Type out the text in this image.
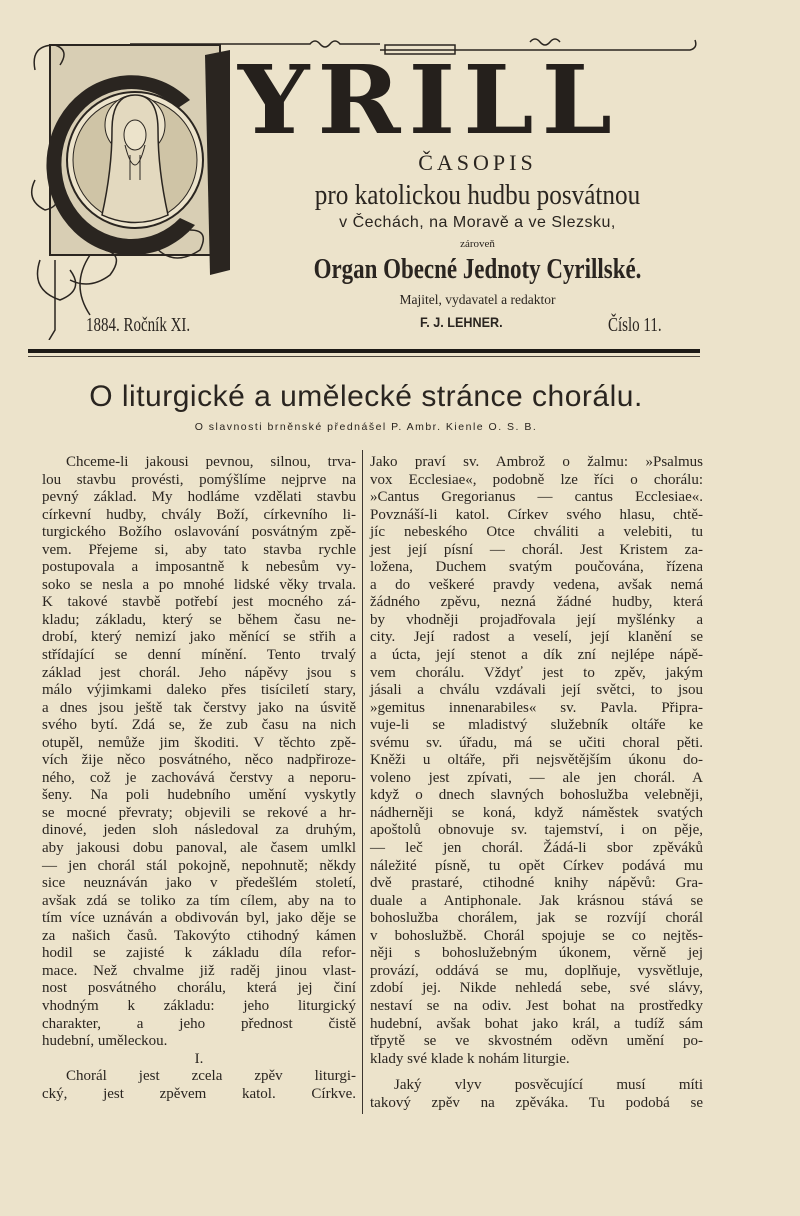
YRILL
ČASOPIS
pro katolickou hudbu posvátnou
v Čechách, na Moravě a ve Slezsku,
zároveň
Organ Obecné Jednoty Cyrillské.
Majitel, vydavatel a redaktor
1884. Ročník XI.	F. J. LEHNER.	Číslo 11.
O liturgické a umělecké stránce chorálu.
O slavnosti brněnské přednášel P. Ambr. Kienle O. S. B.
Chceme-li jakousi pevnou, silnou, trva-
lou stavbu provésti, pomýšlíme nejprve na
pevný základ. My hodláme vzdělati stavbu
církevní hudby, chvály Boží, církevního li-
turgického Božího oslavování posvátným zpě-
vem. Přejeme si, aby tato stavba rychle
postupovala a imposantně k nebesům vy-
soko se nesla a po mnohé lidské věky trvala.
K takové stavbě potřebí jest mocného zá-
kladu; základu, který se během času ne-
drobí, který nemizí jako měnící se střih a
střídající se denní mínění. Tento trvalý
základ jest chorál. Jeho nápěvy jsou s
málo výjimkami daleko přes tisíciletí stary,
a dnes jsou ještě tak čerstvy jako na úsvitě
svého bytí. Zdá se, že zub času na nich
otupěl, nemůže jim škoditi. V těchto zpě-
vích žije něco posvátného, něco nadpřiroze-
ného, což je zachovává čerstvy a neporu-
šeny. Na poli hudebního umění vyskytly
se mocné převraty; objevili se rekové a hr-
dinové, jeden sloh následoval za druhým,
aby jakousi dobu panoval, ale časem umlkl
— jen chorál stál pokojně, nepohnutě; někdy
sice neuznáván jako v předešlém století,
avšak zdá se toliko za tím cílem, aby na to
tím více uznáván a obdivován byl, jako děje se
za našich časů. Takovýto ctihodný kámen
hodil se zajisté k základu díla refor-
mace. Než chvalme již raděj jinou vlast-
nost posvátného chorálu, která jej činí
vhodným k základu: jeho liturgický
charakter, a jeho přednost čistě
hudební, uměleckou.
I.
Chorál jest zcela zpěv liturgi-
cký, jest zpěvem katol. Církve.
Jako praví sv. Ambrož o žalmu: »Psalmus
vox Ecclesiae«, podobně lze říci o chorálu:
»Cantus Gregorianus — cantus Ecclesiae«.
Povznáší-li katol. Církev svého hlasu, chtě-
jíc nebeského Otce chváliti a velebiti, tu
jest její písní — chorál. Jest Kristem za-
ložena, Duchem svatým poučována, řízena
a do veškeré pravdy vedena, avšak nemá
žádného zpěvu, nezná žádné hudby, která
by vhodněji projadřovala její myšlénky a
city. Její radost a veselí, její klanění se
a úcta, její stenot a dík zní nejlépe nápě-
vem chorálu. Vždyť jest to zpěv, jakým
jásali a chválu vzdávali její světci, to jsou
»gemitus innenarabiles« sv. Pavla. Připra-
vuje-li se mladistvý služebník oltáře ke
svému sv. úřadu, má se učiti choral pěti.
Kněži u oltáře, při nejsvětějším úkonu do-
voleno jest zpívati, — ale jen chorál. A
když o dnech slavných bohoslužba velebněji,
nádherněji se koná, když náměstek svatých
apoštolů obnovuje sv. tajemství, i on pěje,
— leč jen chorál. Žádá-li sbor zpěváků
náležité písně, tu opět Církev podává mu
dvě prastaré, ctihodné knihy nápěvů: Gra-
duale a Antiphonale. Jak krásnou stává se
bohoslužba chorálem, jak se rozvíjí chorál
v bohoslužbě. Chorál spojuje se co nejtěs-
něji s bohoslužebným úkonem, věrně jej
provází, oddává se mu, doplňuje, vysvětluje,
zdobí jej. Nikde nehledá sebe, své slávy,
nestaví se na odiv. Jest bohat na prostředky
hudební, avšak bohat jako král, a tudíž sám
třpytě se ve skvostném oděvn umění po-
klady své klade k nohám liturgie.
Jaký vlyv posvěcující musí míti
takový zpěv na zpěváka. Tu podobá se
